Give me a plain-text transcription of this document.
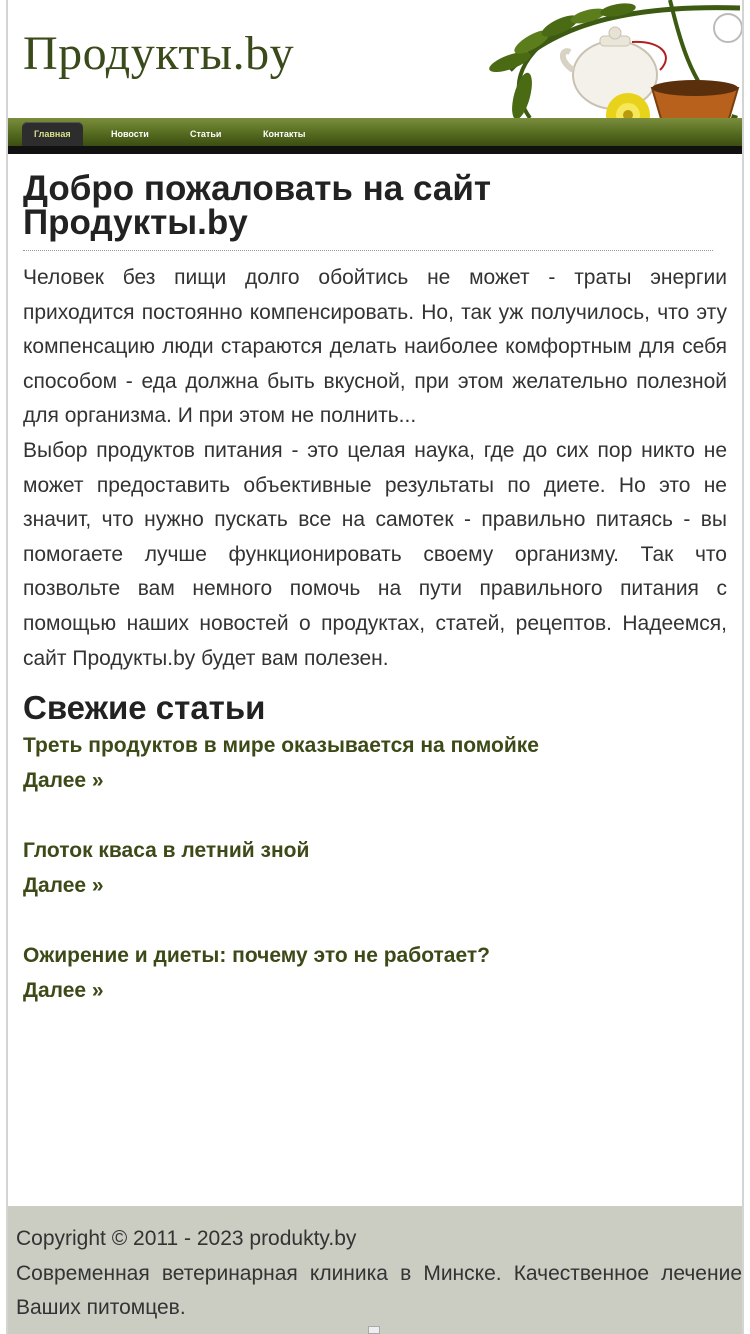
Продукты.by
Главная	Новости	Статьи	Контакты
Добро пожаловать на сайт Продукты.by

Человек без пищи долго обойтись не может - траты энергии приходится постоянно компенсировать. Но, так уж получилось, что эту компенсацию люди стараются делать наиболее комфортным для себя способом - еда должна быть вкусной, при этом желательно полезной для организма. И при этом не полнить...

Выбор продуктов питания - это целая наука, где до сих пор никто не может предоставить объективные результаты по диете. Но это не значит, что нужно пускать все на самотек - правильно питаясь - вы помогаете лучше функционировать своему организму. Так что позвольте вам немного помочь на пути правильного питания с помощью наших новостей о продуктах, статей, рецептов. Надеемся, сайт Продукты.by будет вам полезен.

Свежие статьи
Треть продуктов в мире оказывается на помойке
Далее »
Глоток кваса в летний зной
Далее »
Ожирение и диеты: почему это не работает?
Далее »
Copyright © 2011 - 2023 produkty.by
Современная ветеринарная клиника в Минске. Качественное лечение Ваших питомцев.
